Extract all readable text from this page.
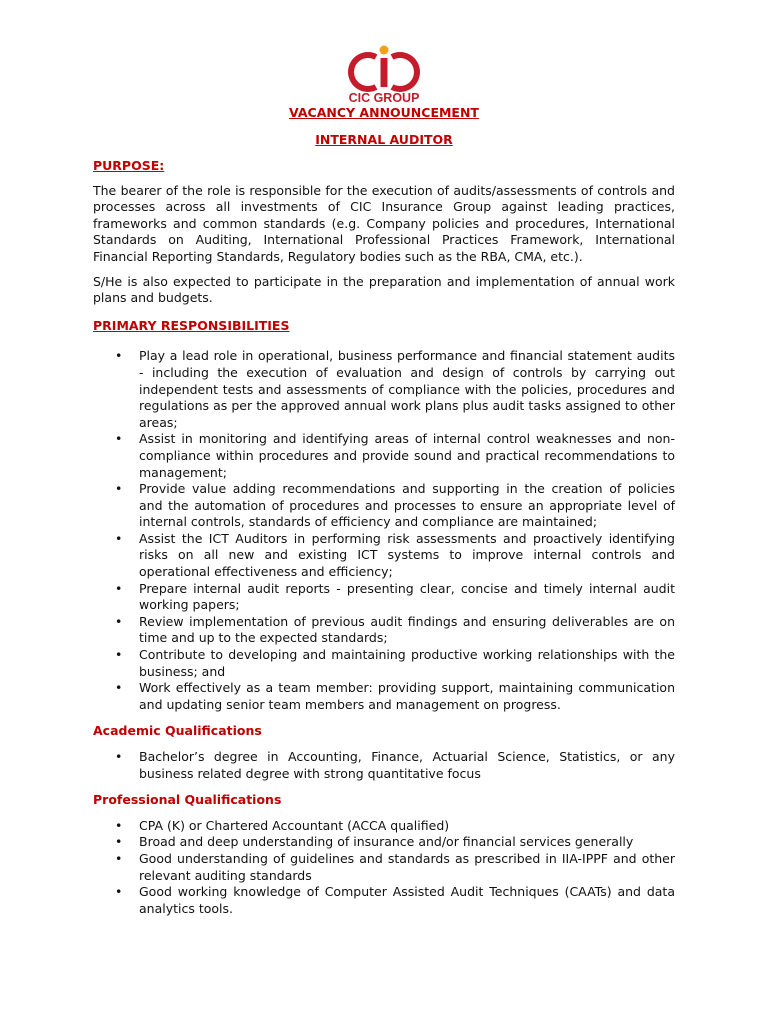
CIC GROUP
VACANCY ANNOUNCEMENT
INTERNAL AUDITOR
PURPOSE:

The bearer of the role is responsible for the execution of audits/assessments of controls and processes across all investments of CIC Insurance Group against leading practices, frameworks and common standards (e.g. Company policies and procedures, International Standards on Auditing, International Professional Practices Framework, International Financial Reporting Standards, Regulatory bodies such as the RBA, CMA, etc.).

S/He is also expected to participate in the preparation and implementation of annual work plans and budgets.

PRIMARY RESPONSIBILITIES
• Play a lead role in operational, business performance and financial statement audits - including the execution of evaluation and design of controls by carrying out independent tests and assessments of compliance with the policies, procedures and regulations as per the approved annual work plans plus audit tasks assigned to other areas;
• Assist in monitoring and identifying areas of internal control weaknesses and non-compliance within procedures and provide sound and practical recommendations to management;
• Provide value adding recommendations and supporting in the creation of policies and the automation of procedures and processes to ensure an appropriate level of internal controls, standards of efficiency and compliance are maintained;
• Assist the ICT Auditors in performing risk assessments and proactively identifying risks on all new and existing ICT systems to improve internal controls and operational effectiveness and efficiency;
• Prepare internal audit reports - presenting clear, concise and timely internal audit working papers;
• Review implementation of previous audit findings and ensuring deliverables are on time and up to the expected standards;
• Contribute to developing and maintaining productive working relationships with the business; and
• Work effectively as a team member: providing support, maintaining communication and updating senior team members and management on progress.
Academic Qualifications
• Bachelor’s degree in Accounting, Finance, Actuarial Science, Statistics, or any business related degree with strong quantitative focus
Professional Qualifications
• CPA (K) or Chartered Accountant (ACCA qualified)
• Broad and deep understanding of insurance and/or financial services generally
• Good understanding of guidelines and standards as prescribed in IIA-IPPF and other relevant auditing standards
• Good working knowledge of Computer Assisted Audit Techniques (CAATs) and data analytics tools.
